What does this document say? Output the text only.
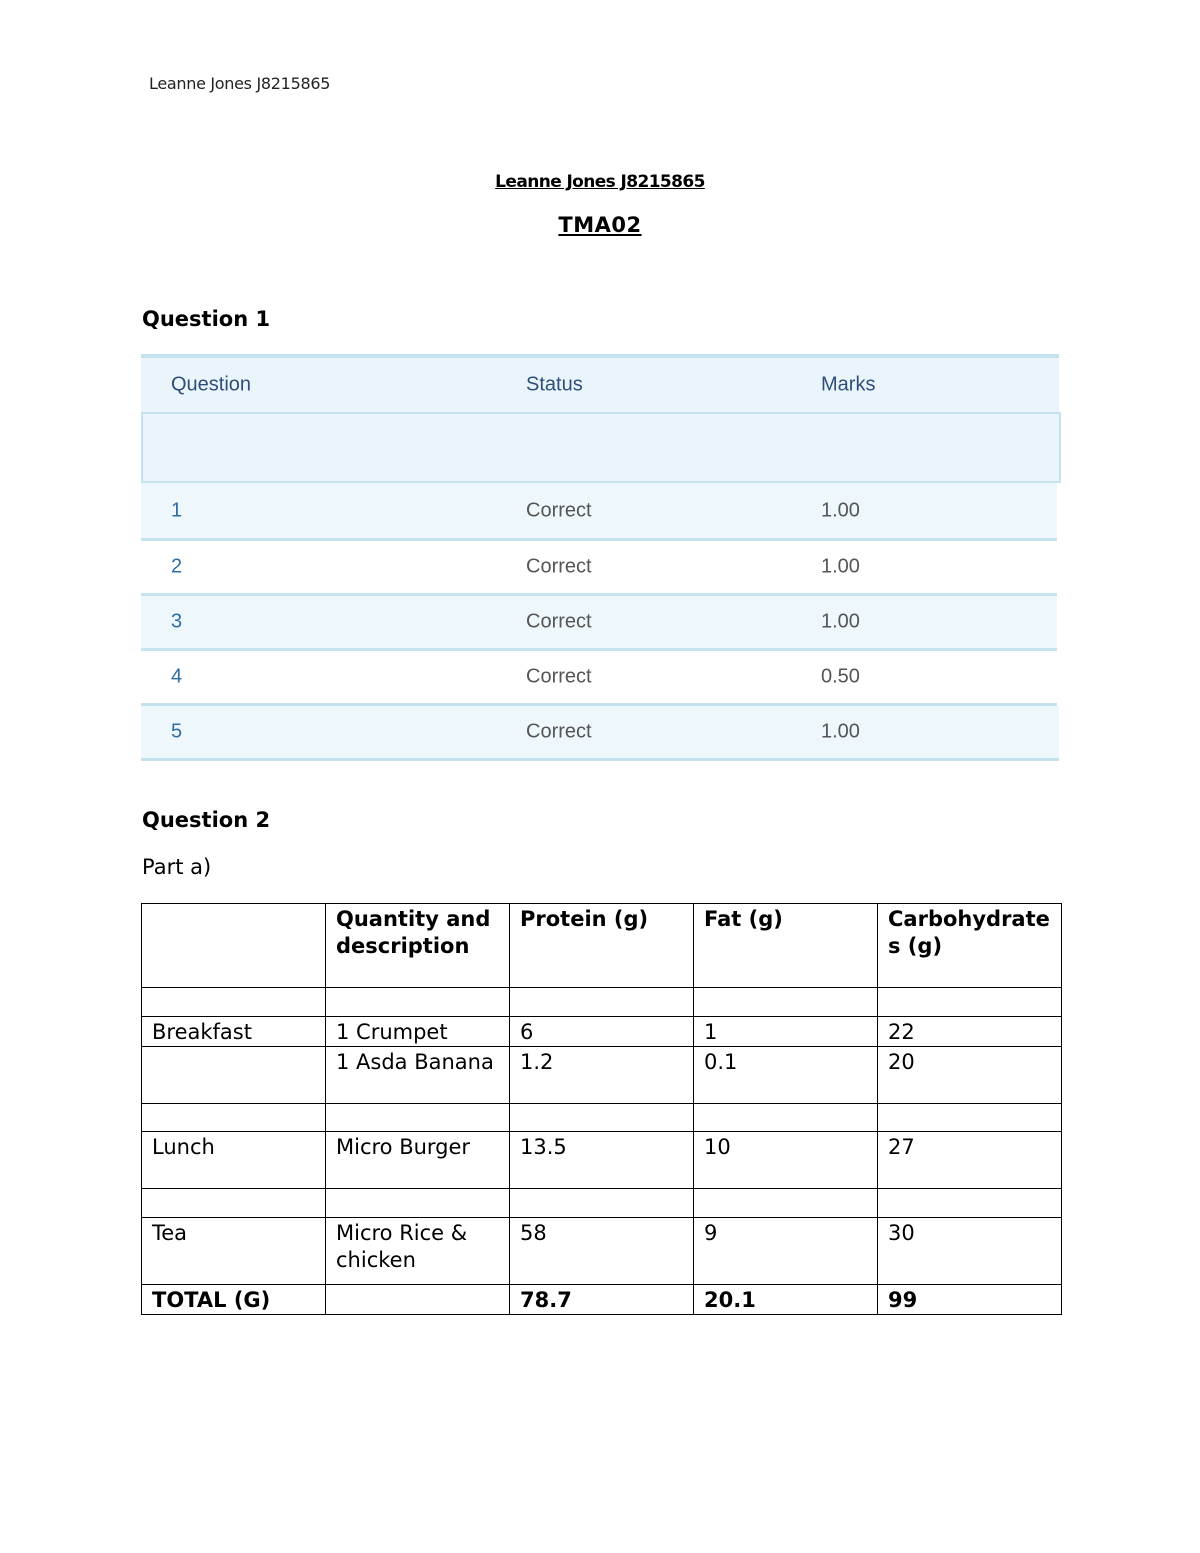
Leanne Jones J8215865
Leanne Jones J8215865
TMA02
Question 1
Question	Status	Marks
1	Correct	1.00
2	Correct	1.00
3	Correct	1.00
4	Correct	0.50
5	Correct	1.00
Question 2
Part a)
	Quantity and description	Protein (g)	Fat (g)	Carbohydrates (g)

Breakfast	1 Crumpet	6	1	22
	1 Asda Banana	1.2	0.1	20

Lunch	Micro Burger	13.5	10	27

Tea	Micro Rice & chicken	58	9	30
TOTAL (G)		78.7	20.1	99
